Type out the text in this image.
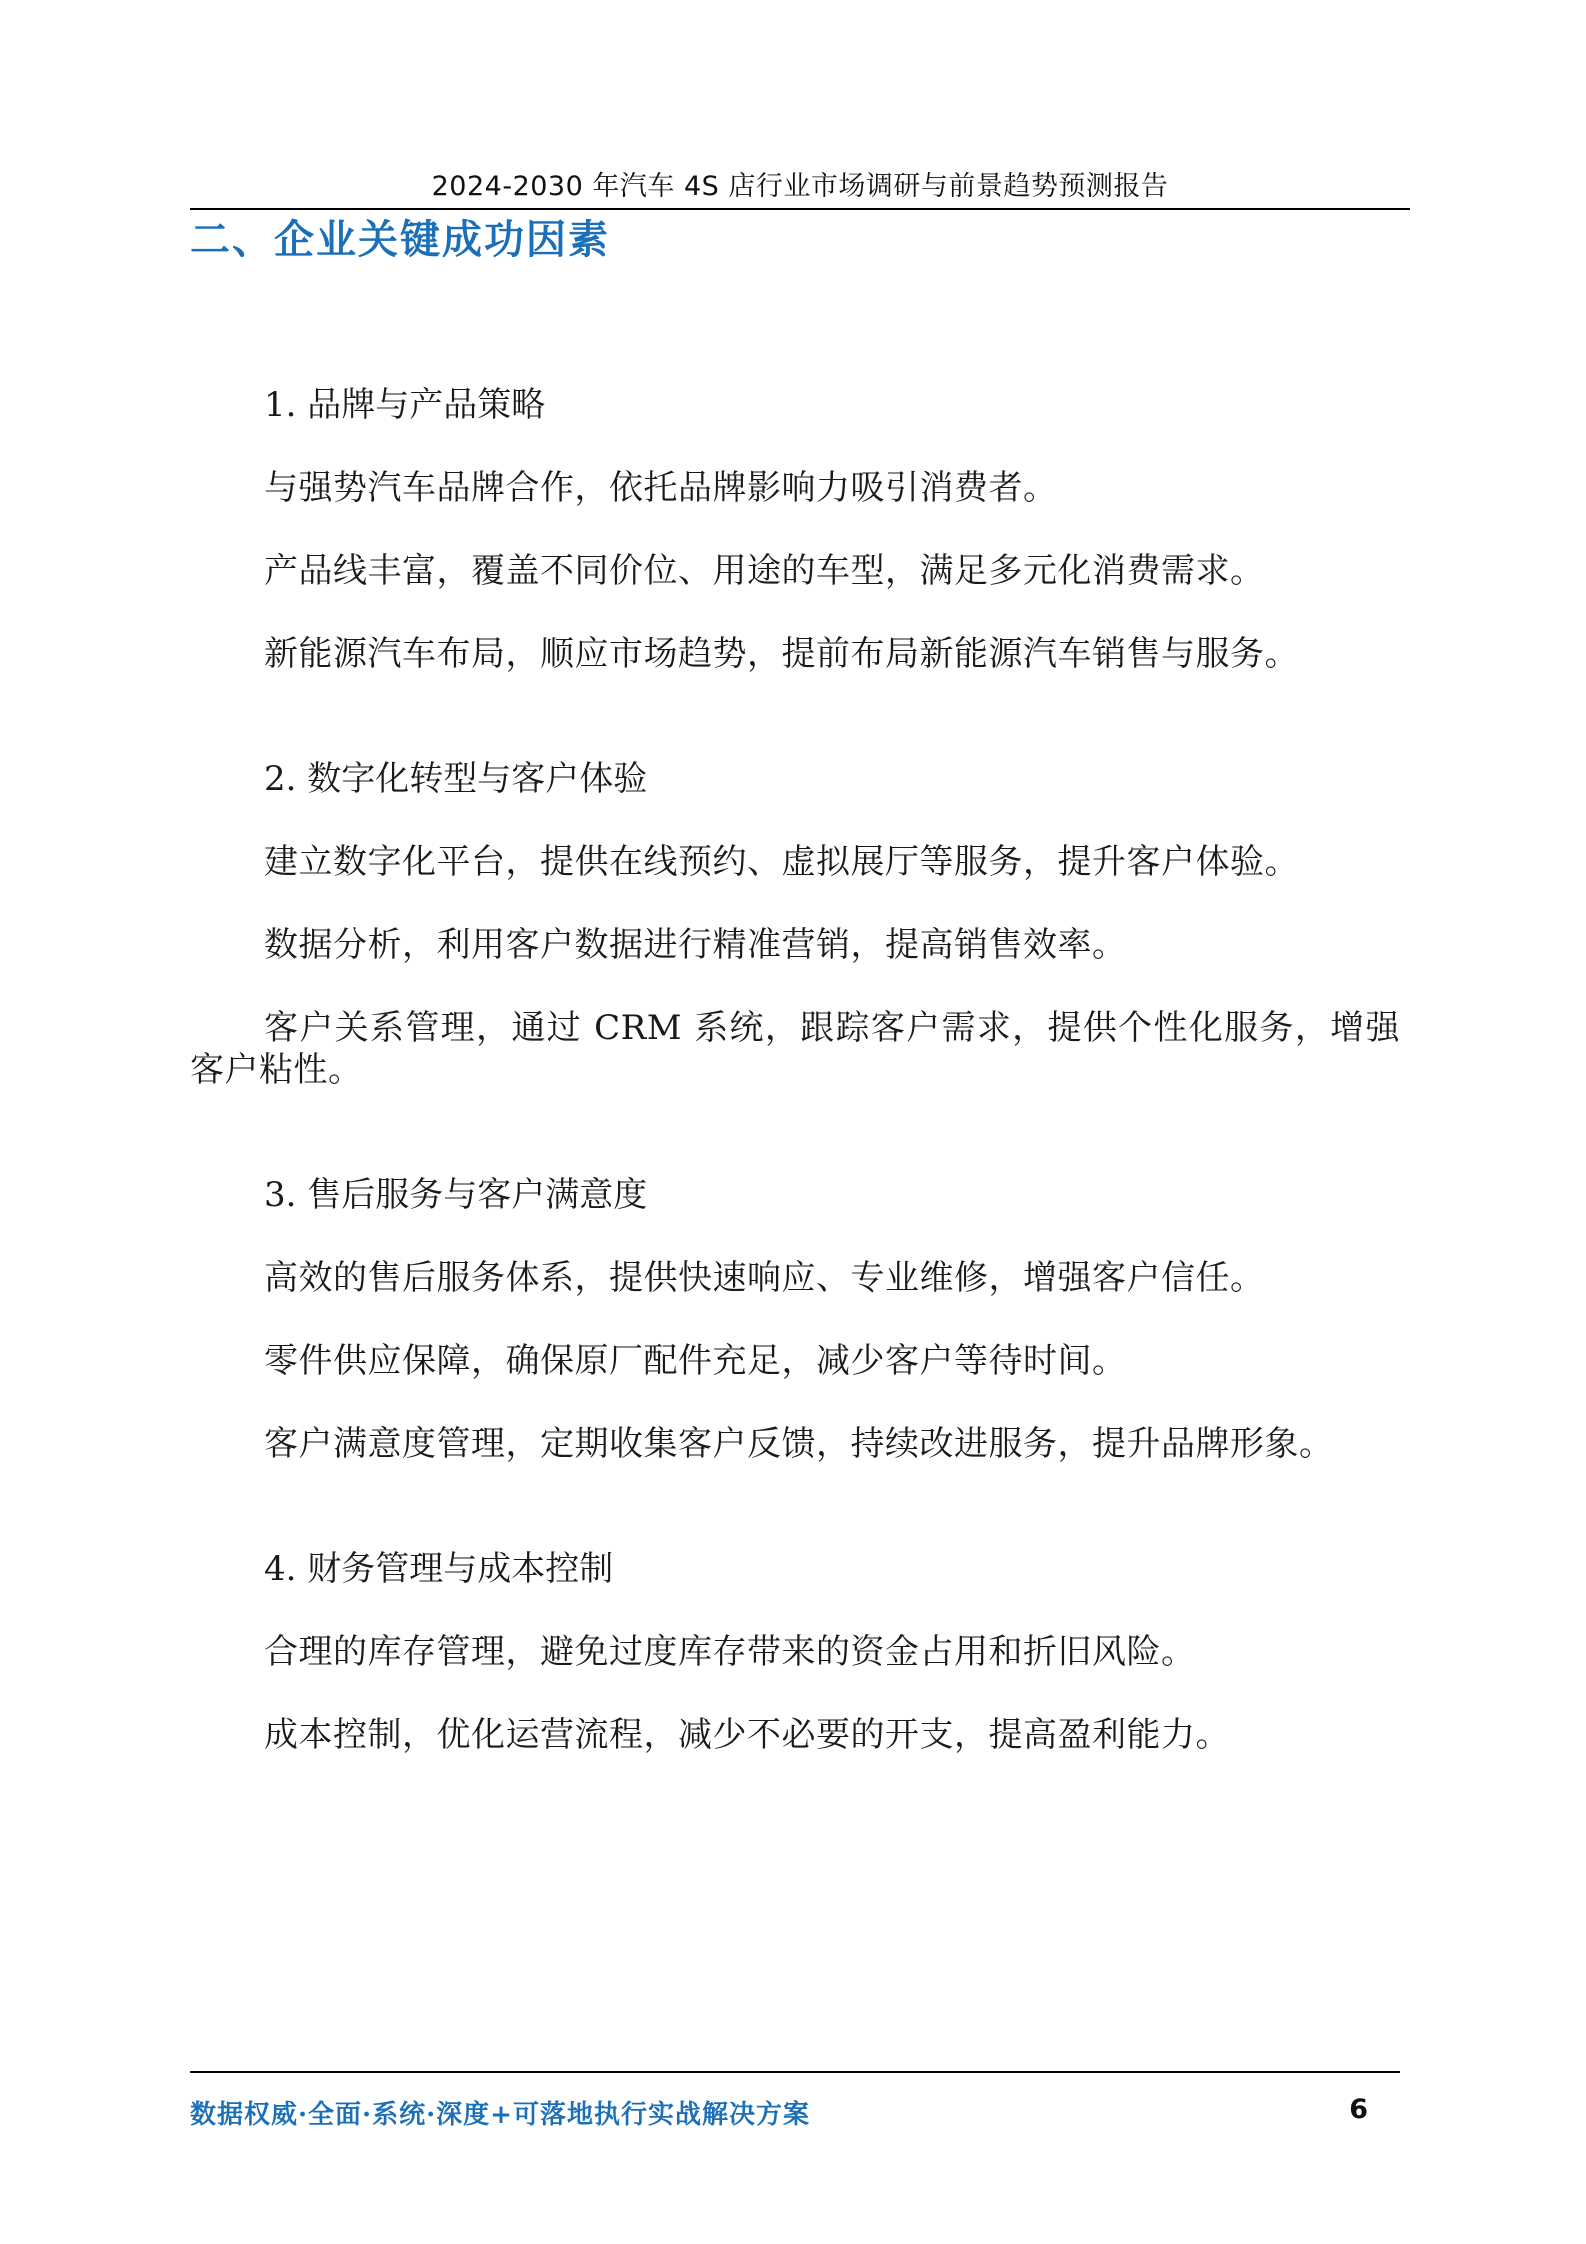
2024-2030 年汽车 4S 店行业市场调研与前景趋势预测报告
二、企业关键成功因素
1. 品牌与产品策略

与强势汽车品牌合作，依托品牌影响力吸引消费者。

产品线丰富，覆盖不同价位、用途的车型，满足多元化消费需求。

新能源汽车布局，顺应市场趋势，提前布局新能源汽车销售与服务。

2. 数字化转型与客户体验

建立数字化平台，提供在线预约、虚拟展厅等服务，提升客户体验。

数据分析，利用客户数据进行精准营销，提高销售效率。

客户关系管理，通过 CRM 系统，跟踪客户需求，提供个性化服务，增强客户粘性。

3. 售后服务与客户满意度

高效的售后服务体系，提供快速响应、专业维修，增强客户信任。

零件供应保障，确保原厂配件充足，减少客户等待时间。

客户满意度管理，定期收集客户反馈，持续改进服务，提升品牌形象。

4. 财务管理与成本控制

合理的库存管理，避免过度库存带来的资金占用和折旧风险。

成本控制，优化运营流程，减少不必要的开支，提高盈利能力。

数据权威·全面·系统·深度+可落地执行实战解决方案	6
